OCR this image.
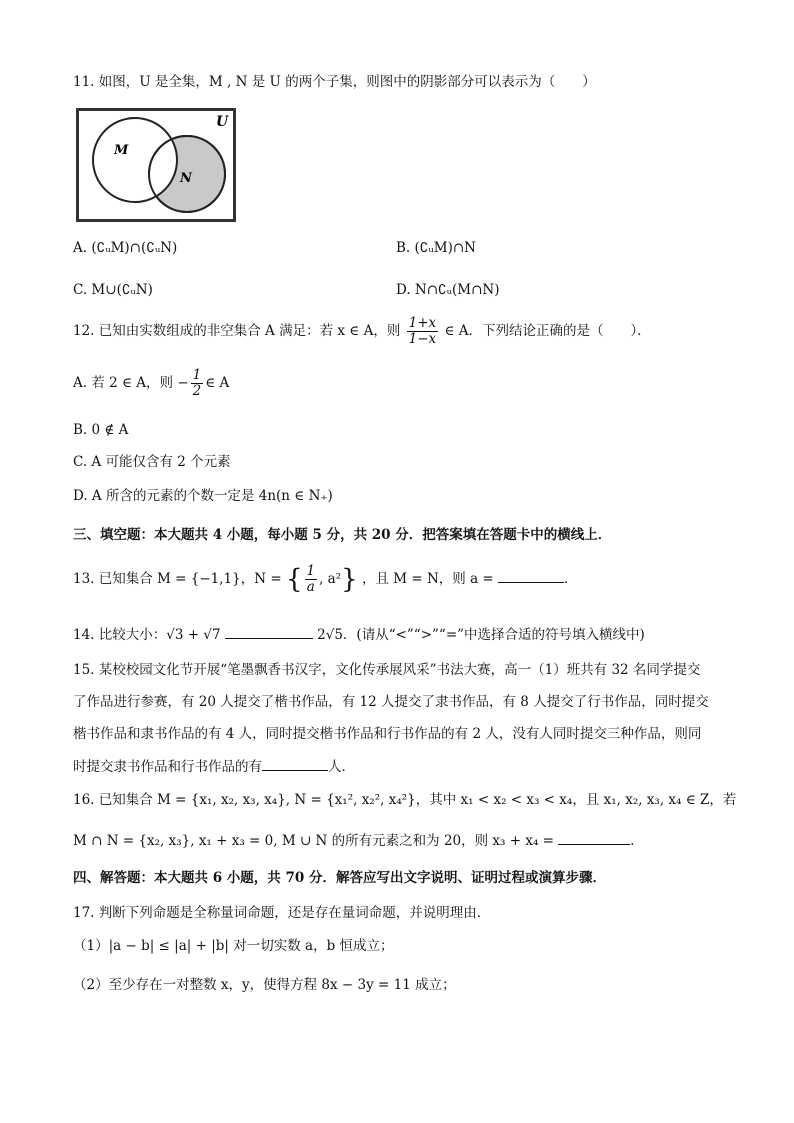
11. 如图，U 是全集，M , N 是 U 的两个子集，则图中的阴影部分可以表示为（　　）
M
N
U
A. (∁ᵤM)∩(∁ᵤN)	B. (∁ᵤM)∩N
C. M∪(∁ᵤN)	D. N∩∁ᵤ(M∩N)
12. 已知由实数组成的非空集合 A 满足：若 x ∈ A，则 $\frac{1+x}{1-x}$ ∈ A．下列结论正确的是（　　）．
A. 若 2 ∈ A，则 − $\frac{1}{2}$ ∈ A
B. 0 ∉ A
C. A 可能仅含有 2 个元素
D. A 所含的元素的个数一定是 4n(n ∈ N₊)
三、填空题：本大题共 4 小题，每小题 5 分，共 20 分．把答案填在答题卡中的横线上．
13. 已知集合 M = {−1,1}，N = { $\frac{1}{a}$ , a²} ，且 M = N，则 a =	．
14. 比较大小：√3 + √7	2√5．(请从“<”“>”“=”中选择合适的符号填入横线中)
15. 某校校园文化节开展“笔墨飘香书汉字，文化传承展风采”书法大赛，高一（1）班共有 32 名同学提交
了作品进行参赛，有 20 人提交了楷书作品，有 12 人提交了隶书作品，有 8 人提交了行书作品，同时提交
楷书作品和隶书作品的有 4 人，同时提交楷书作品和行书作品的有 2 人，没有人同时提交三种作品，则同
时提交隶书作品和行书作品的有	人．
16. 已知集合 M = {x₁, x₂, x₃, x₄}, N = {x₁², x₂², x₄²}，其中 x₁ < x₂ < x₃ < x₄，且 x₁, x₂, x₃, x₄ ∈ Z，若
M ∩ N = {x₂, x₃}, x₁ + x₃ = 0, M ∪ N 的所有元素之和为 20，则 x₃ + x₄ =	．
四、解答题：本大题共 6 小题，共 70 分．解答应写出文字说明、证明过程或演算步骤．
17. 判断下列命题是全称量词命题，还是存在量词命题，并说明理由．
（1）|a − b| ≤ |a| + |b| 对一切实数 a，b 恒成立；
（2）至少存在一对整数 x，y，使得方程 8x − 3y = 11 成立；
